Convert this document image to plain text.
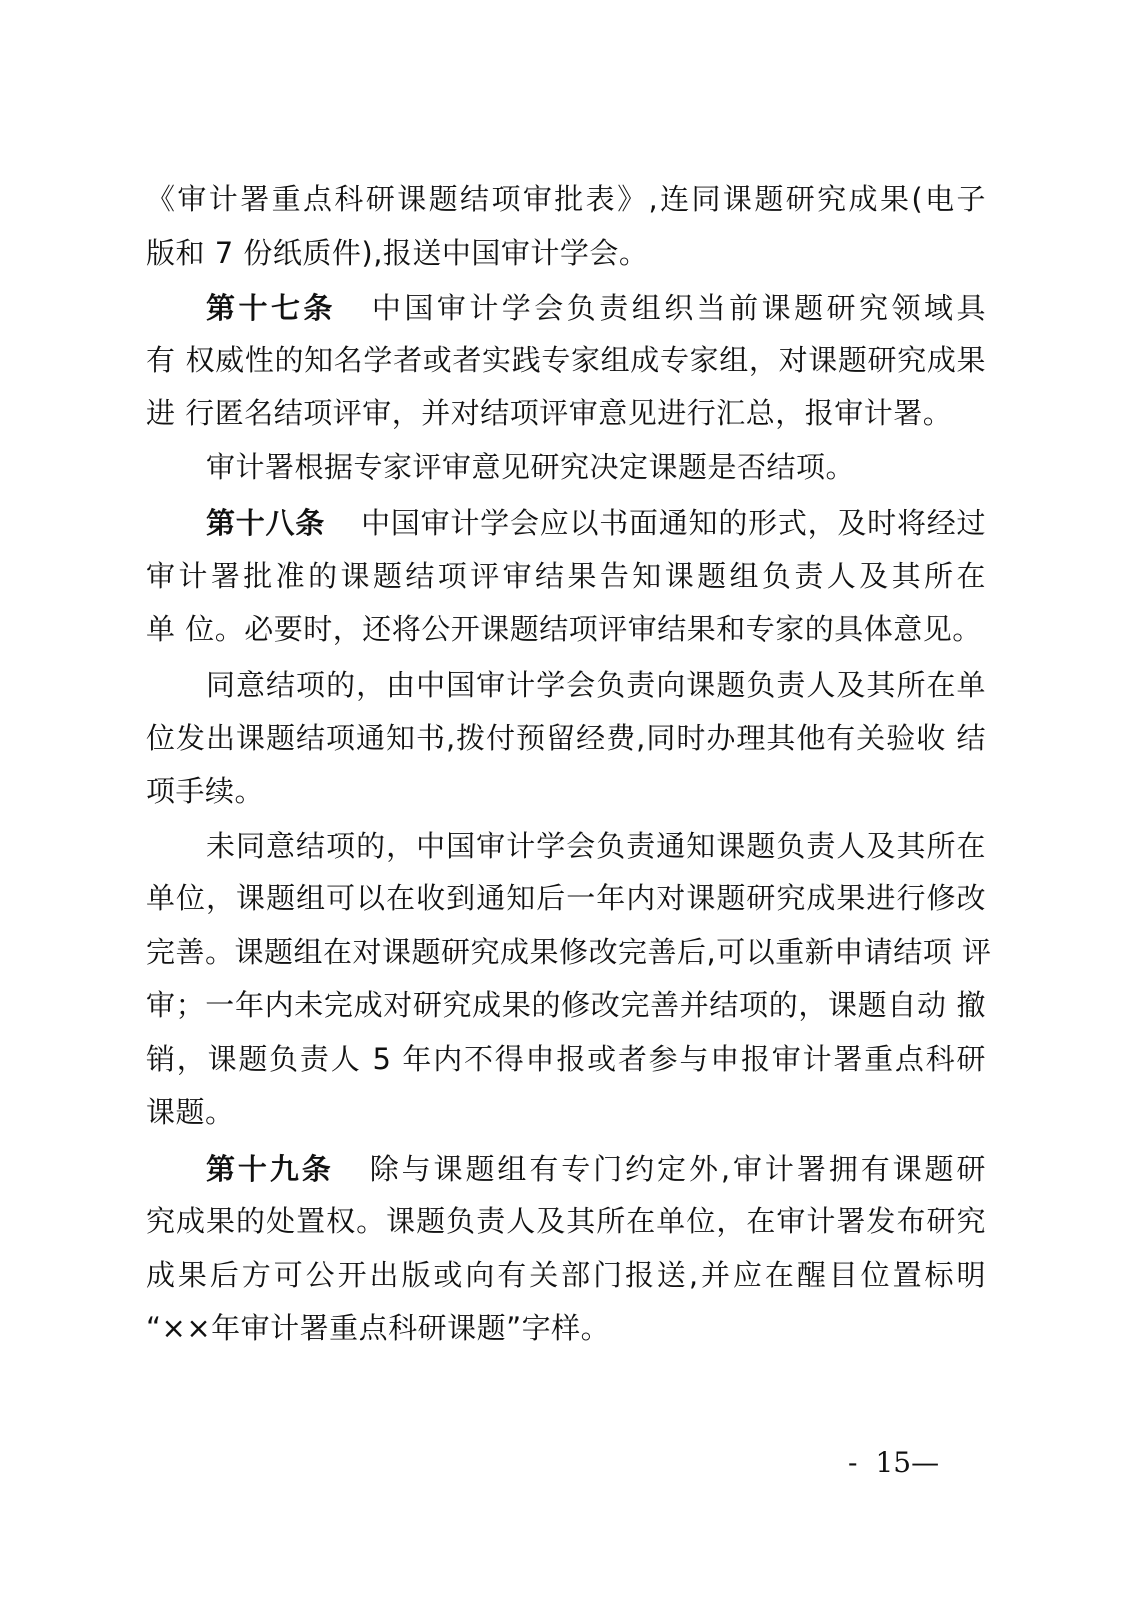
《审计署重点科研课题结项审批表》,连同课题研究成果(电子
版和 7 份纸质件),报送中国审计学会。
第十七条 中国审计学会负责组织当前课题研究领域具
有 权威性的知名学者或者实践专家组成专家组，对课题研究成果
进 行匿名结项评审，并对结项评审意见进行汇总，报审计署。
审计署根据专家评审意见研究决定课题是否结项。
第十八条 中国审计学会应以书面通知的形式，及时将经过
审计署批准的课题结项评审结果告知课题组负责人及其所在
单 位。必要时，还将公开课题结项评审结果和专家的具体意见。
同意结项的，由中国审计学会负责向课题负责人及其所在单
位发出课题结项通知书,拨付预留经费,同时办理其他有关验收 结
项手续。
未同意结项的，中国审计学会负责通知课题负责人及其所在
单位，课题组可以在收到通知后一年内对课题研究成果进行修改
完善。课题组在对课题研究成果修改完善后,可以重新申请结项 评
审；一年内未完成对研究成果的修改完善并结项的，课题自动 撤
销，课题负责人 5 年内不得申报或者参与申报审计署重点科研
课题。
第十九条 除与课题组有专门约定外,审计署拥有课题研
究成果的处置权。课题负责人及其所在单位，在审计署发布研究
成果后方可公开出版或向有关部门报送,并应在醒目位置标明
“××年审计署重点科研课题”字样。
- 15—
